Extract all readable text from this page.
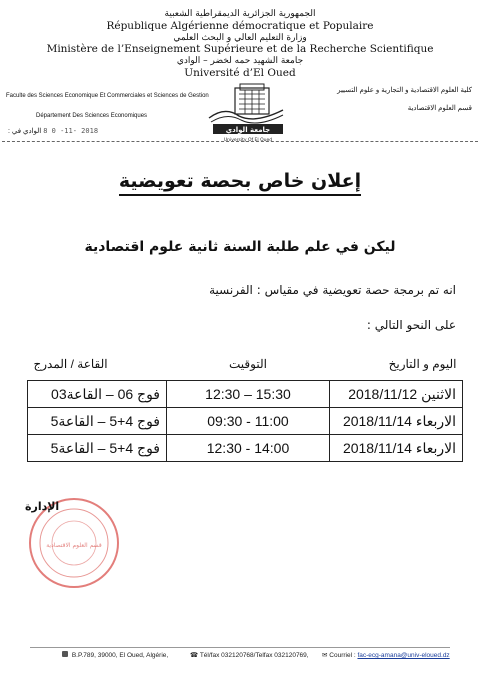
الجمهورية الجزائرية الديمقراطية الشعبية
République Algérienne démocratique et Populaire
وزارة التعليم العالي و البحث العلمي
Ministère de l’Enseignement Supérieure et de la Recherche Scientifique
جامعة الشهيد حمه لخضر – الوادي
Université d’El Oued
Faculte des Sciences Economique Et Commerciales et Sciences de Gestion
Département Des Sciences Economiques
كلية العلوم الاقتصادية و التجارية و علوم التسيير
قسم العلوم الاقتصادية
2018 -11- 0 8 الوادي في :	جامعة الوادي
University Of El Oued
إعلان خاص بحصة تعويضية
ليكن في علم طلبة السنة ثانية علوم اقتصادية
انه تم برمجة حصة تعويضية في مقياس : الفرنسية
على النحو التالي :
اليوم و التاريخ	التوقيت	القاعة / المدرج
الاثنين 2018/11/12	12:30 – 15:30	فوج 06 – القاعة03
الاربعاء 2018/11/14	09:30 - 11:00	فوج 4+5 – القاعة5
الاربعاء 2018/11/14	12:30 - 14:00	فوج 4+5 – القاعة5
قسم العلوم الاقتصادية
الإدارة
B.P.789, 39000, El Oued, Algérie,	☎ Tél/fax 032120768/Telfax 032120769, ✉ Courriel : fac-ecg-amana@univ-eloued.dz
